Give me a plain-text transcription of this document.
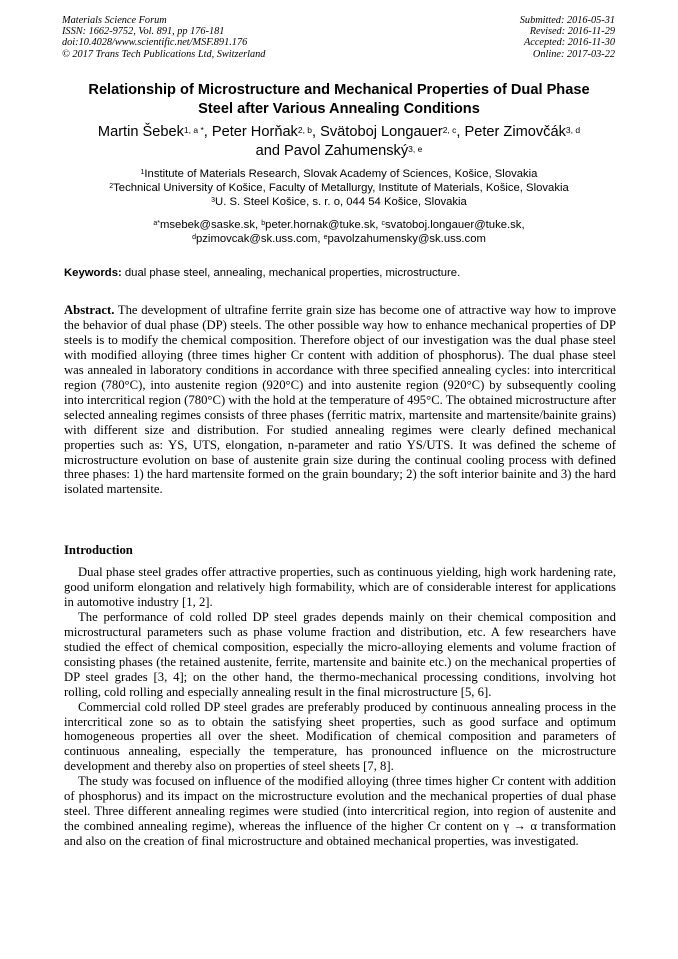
Materials Science Forum
ISSN: 1662-9752, Vol. 891, pp 176-181
doi:10.4028/www.scientific.net/MSF.891.176
© 2017 Trans Tech Publications Ltd, Switzerland
Submitted: 2016-05-31
Revised: 2016-11-29
Accepted: 2016-11-30
Online: 2017-03-22
Relationship of Microstructure and Mechanical Properties of Dual Phase
Steel after Various Annealing Conditions
Martin Šebek$^{1, a *}$, Peter Horňak$^{2, b}$, Svätoboj Longauer$^{2, c}$, Peter Zimovčák$^{3, d}$
and Pavol Zahumenský$^{3, e}$
$^1$Institute of Materials Research, Slovak Academy of Sciences, Košice, Slovakia
$^2$Technical University of Košice, Faculty of Metallurgy, Institute of Materials, Košice, Slovakia
$^3$U. S. Steel Košice, s. r. o, 044 54 Košice, Slovakia
$^{a*}$msebek@saske.sk, $^b$peter.hornak@tuke.sk, $^c$svatoboj.longauer@tuke.sk,
$^d$pzimovcak@sk.uss.com, $^e$pavolzahumensky@sk.uss.com
Keywords: dual phase steel, annealing, mechanical properties, microstructure.

Abstract. The development of ultrafine ferrite grain size has become one of attractive way how to improve the behavior of dual phase (DP) steels. The other possible way how to enhance mechanical properties of DP steels is to modify the chemical composition. Therefore object of our investigation was the dual phase steel with modified alloying (three times higher Cr content with addition of phosphorus). The dual phase steel was annealed in laboratory conditions in accordance with three specified annealing cycles: into intercritical region (780°C), into austenite region (920°C) and into austenite region (920°C) by subsequently cooling into intercritical region (780°C) with the hold at the temperature of 495°C. The obtained microstructure after selected annealing regimes consists of three phases (ferritic matrix, martensite and martensite/bainite grains) with different size and distribution. For studied annealing regimes were clearly defined mechanical properties such as: YS, UTS, elongation, n-parameter and ratio YS/UTS. It was defined the scheme of microstructure evolution on base of austenite grain size during the continual cooling process with defined three phases: 1) the hard martensite formed on the grain boundary; 2) the soft interior bainite and 3) the hard isolated martensite.

Introduction

Dual phase steel grades offer attractive properties, such as continuous yielding, high work hardening rate, good uniform elongation and relatively high formability, which are of considerable interest for applications in automotive industry [1, 2].

The performance of cold rolled DP steel grades depends mainly on their chemical composition and microstructural parameters such as phase volume fraction and distribution, etc. A few researchers have studied the effect of chemical composition, especially the micro-alloying elements and volume fraction of consisting phases (the retained austenite, ferrite, martensite and bainite etc.) on the mechanical properties of DP steel grades [3, 4]; on the other hand, the thermo-mechanical processing conditions, involving hot rolling, cold rolling and especially annealing result in the final microstructure [5, 6].

Commercial cold rolled DP steel grades are preferably produced by continuous annealing process in the intercritical zone so as to obtain the satisfying sheet properties, such as good surface and optimum homogeneous properties all over the sheet. Modification of chemical composition and parameters of continuous annealing, especially the temperature, has pronounced influence on the microstructure development and thereby also on properties of steel sheets [7, 8].

The study was focused on influence of the modified alloying (three times higher Cr content with addition of phosphorus) and its impact on the microstructure evolution and the mechanical properties of dual phase steel. Three different annealing regimes were studied (into intercritical region, into region of austenite and the combined annealing regime), whereas the influence of the higher Cr content on γ → α transformation and also on the creation of final microstructure and obtained mechanical properties, was investigated.
